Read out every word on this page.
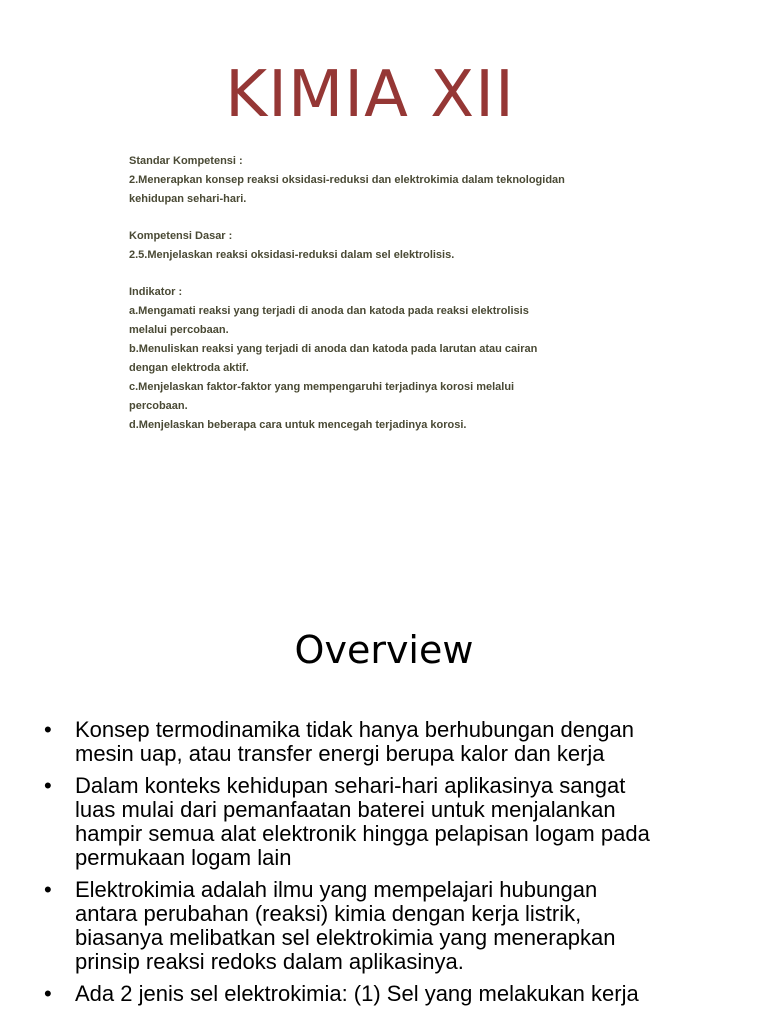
KIMIA XII
Standar Kompetensi :
2.Menerapkan konsep reaksi oksidasi-reduksi dan elektrokimia dalam teknologidan
kehidupan sehari-hari.
Kompetensi Dasar :
2.5.Menjelaskan reaksi oksidasi-reduksi dalam sel elektrolisis.
Indikator :
a.Mengamati reaksi yang terjadi di anoda dan katoda pada reaksi elektrolisis
melalui percobaan.
b.Menuliskan reaksi yang terjadi di anoda dan katoda pada larutan atau cairan
dengan elektroda aktif.
c.Menjelaskan faktor-faktor yang mempengaruhi terjadinya korosi melalui
percobaan.
d.Menjelaskan beberapa cara untuk mencegah terjadinya korosi.
Overview
• Konsep termodinamika tidak hanya berhubungan dengan
mesin uap, atau transfer energi berupa kalor dan kerja
• Dalam konteks kehidupan sehari-hari aplikasinya sangat
luas mulai dari pemanfaatan baterei untuk menjalankan
hampir semua alat elektronik hingga pelapisan logam pada
permukaan logam lain
• Elektrokimia adalah ilmu yang mempelajari hubungan
antara perubahan (reaksi) kimia dengan kerja listrik,
biasanya melibatkan sel elektrokimia yang menerapkan
prinsip reaksi redoks dalam aplikasinya.
• Ada 2 jenis sel elektrokimia: (1) Sel yang melakukan kerja
